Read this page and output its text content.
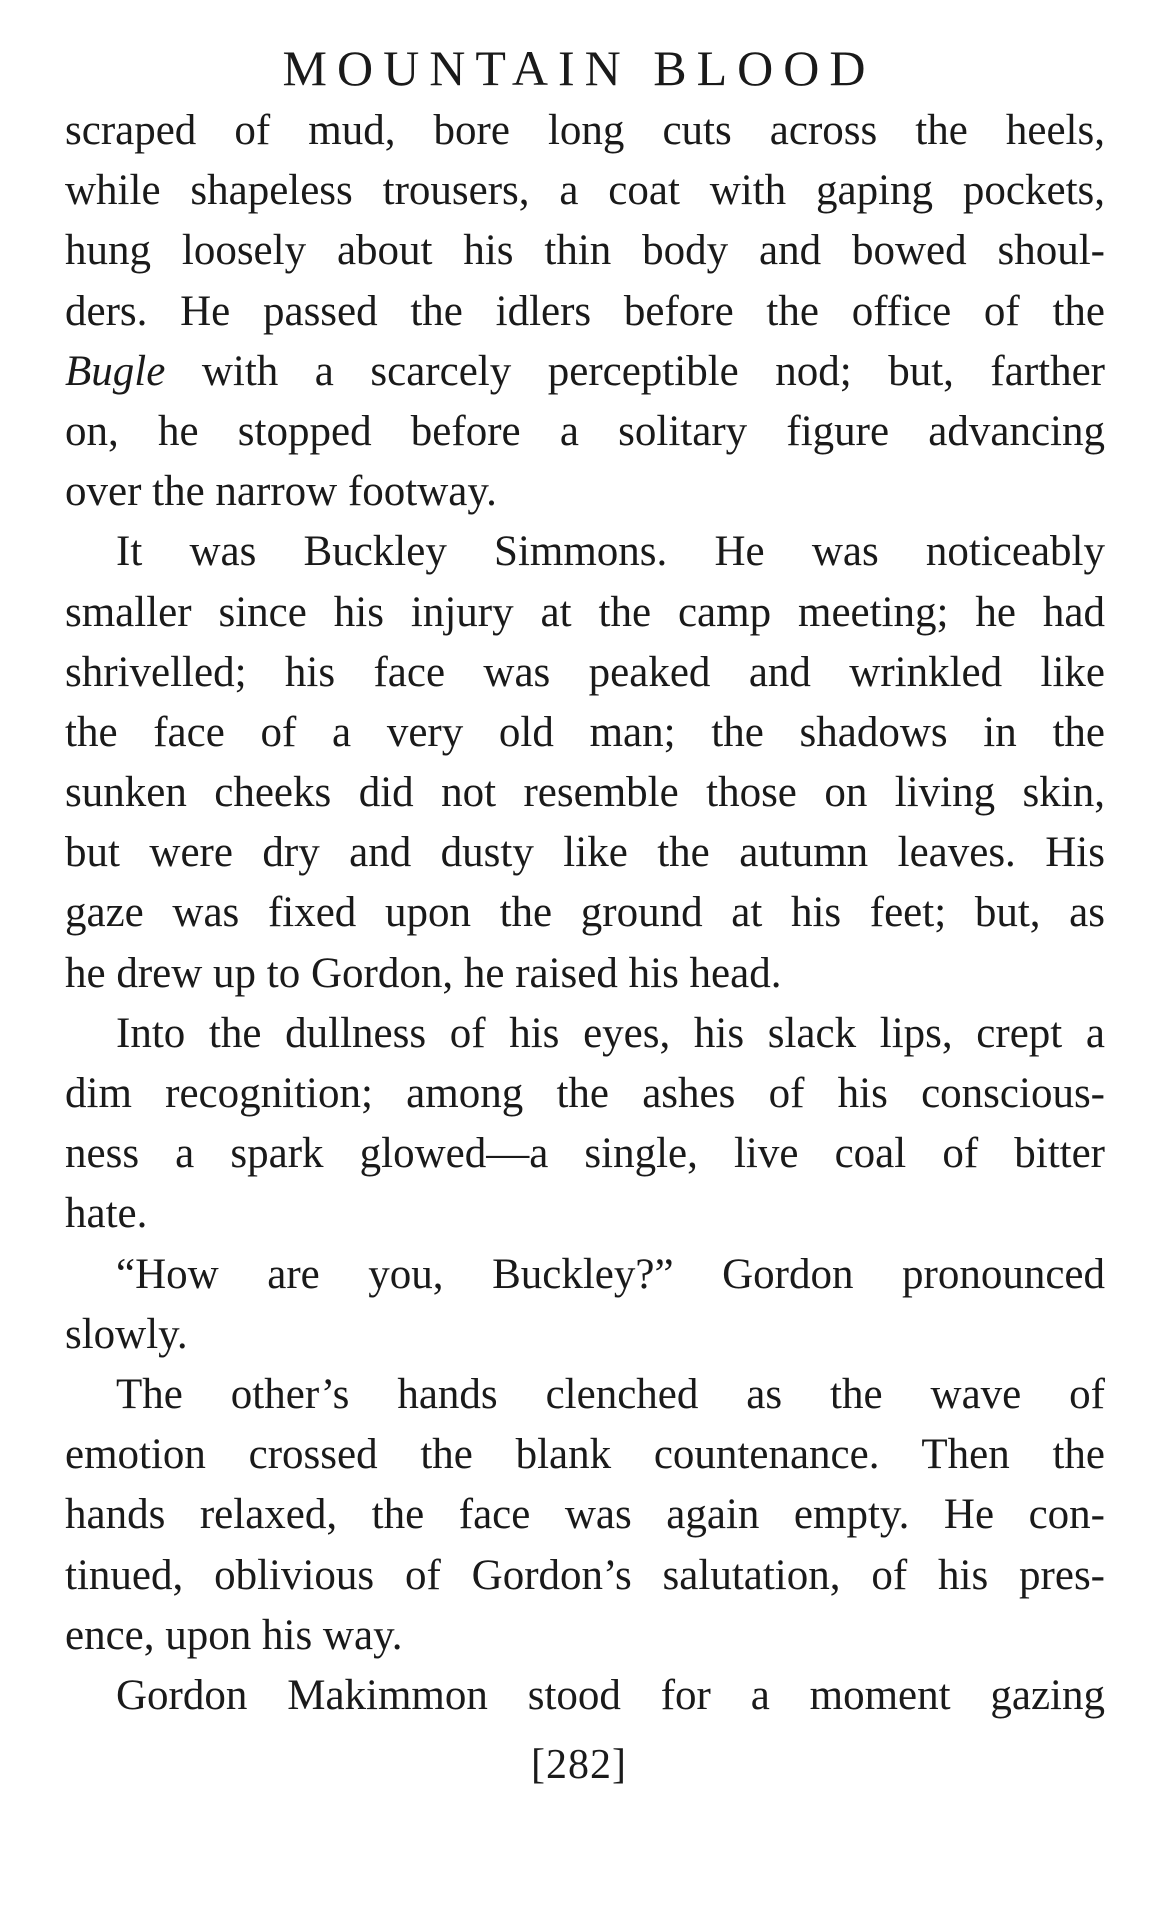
MOUNTAIN BLOOD
scraped of mud, bore long cuts across the heels,
while shapeless trousers, a coat with gaping pockets,
hung loosely about his thin body and bowed shoul-
ders. He passed the idlers before the office of the
Bugle with a scarcely perceptible nod; but, farther
on, he stopped before a solitary figure advancing
over the narrow footway.
It was Buckley Simmons. He was noticeably
smaller since his injury at the camp meeting; he had
shrivelled; his face was peaked and wrinkled like
the face of a very old man; the shadows in the
sunken cheeks did not resemble those on living skin,
but were dry and dusty like the autumn leaves. His
gaze was fixed upon the ground at his feet; but, as
he drew up to Gordon, he raised his head.
Into the dullness of his eyes, his slack lips, crept a
dim recognition; among the ashes of his conscious-
ness a spark glowed—a single, live coal of bitter
hate.
“How are you, Buckley?” Gordon pronounced
slowly.
The other’s hands clenched as the wave of
emotion crossed the blank countenance. Then the
hands relaxed, the face was again empty. He con-
tinued, oblivious of Gordon’s salutation, of his pres-
ence, upon his way.
Gordon Makimmon stood for a moment gazing
[282]
